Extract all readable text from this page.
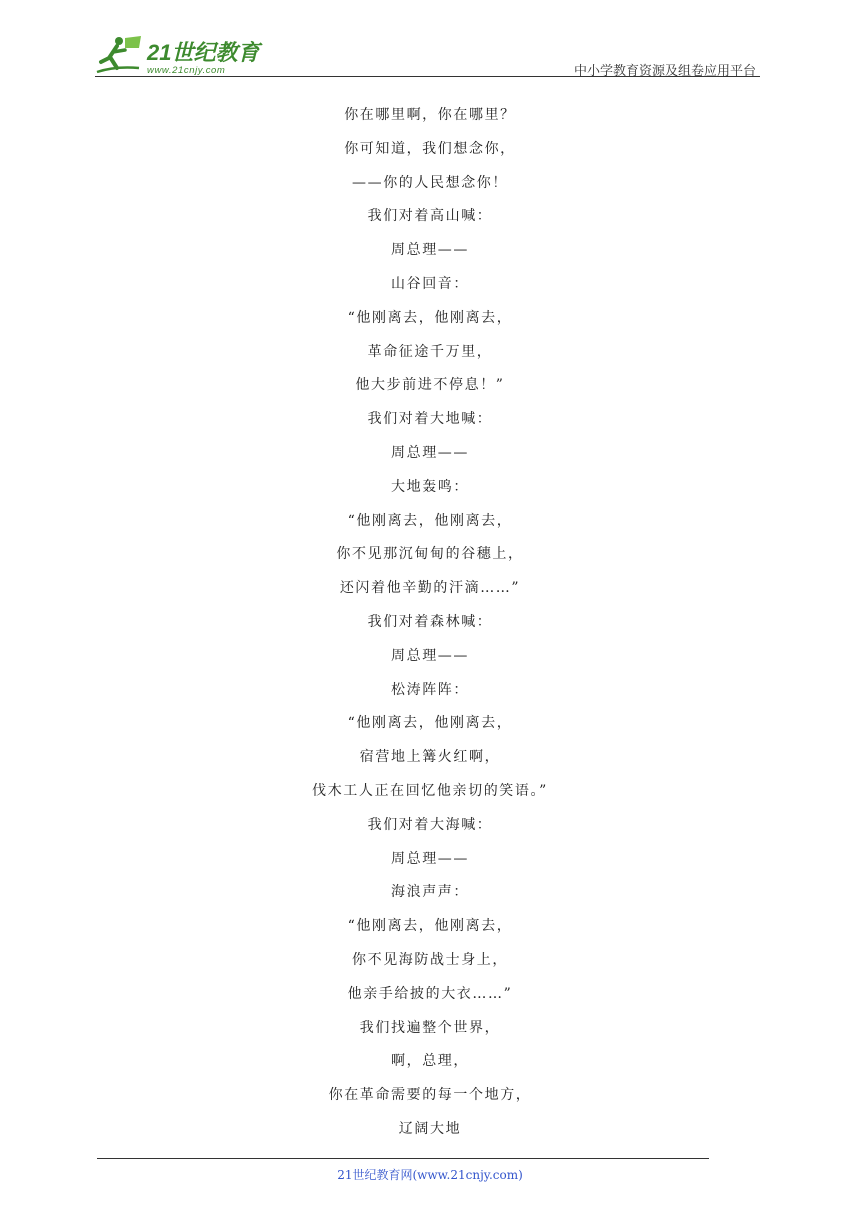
21世纪教育
www.21cnjy.com	中小学教育资源及组卷应用平台
你在哪里啊，你在哪里？
你可知道，我们想念你，
——你的人民想念你！
我们对着高山喊：
周总理——
山谷回音：
“他刚离去，他刚离去，
革命征途千万里，
他大步前进不停息！”
我们对着大地喊：
周总理——
大地轰鸣：
“他刚离去，他刚离去，
你不见那沉甸甸的谷穗上，
还闪着他辛勤的汗滴……”
我们对着森林喊：
周总理——
松涛阵阵：
“他刚离去，他刚离去，
宿营地上篝火红啊，
伐木工人正在回忆他亲切的笑语。”
我们对着大海喊：
周总理——
海浪声声：
“他刚离去，他刚离去，
你不见海防战士身上，
他亲手给披的大衣……”
我们找遍整个世界，
啊，总理，
你在革命需要的每一个地方，
辽阔大地
21世纪教育网(www.21cnjy.com)
